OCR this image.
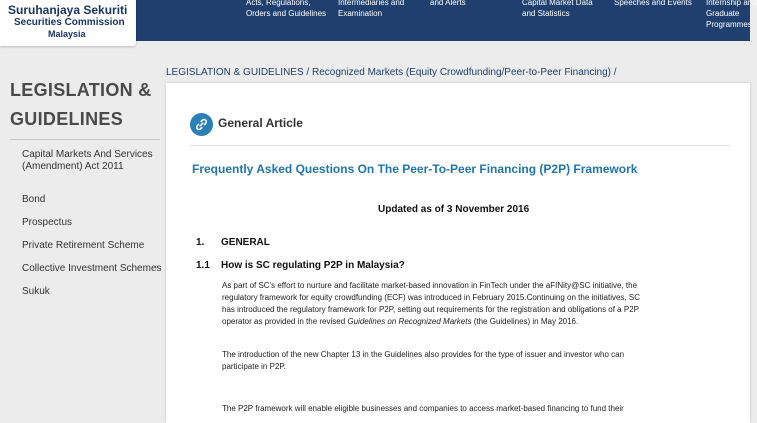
Acts, Regulations,
Orders and Guidelines
Intermediaries and
Examination
and Alerts	Capital Market Data
and Statistics
Speeches and Events Internship and
Graduate
Programmes
Suruhanjaya Sekuriti
Securities Commission
Malaysia
LEGISLATION &
GUIDELINES
Capital Markets And Services
(Amendment) Act 2011
Bond
Prospectus
Private Retirement Scheme
Collective Investment Schemes
Sukuk
LEGISLATION & GUIDELINES / Recognized Markets (Equity Crowdfunding/Peer-to-Peer Financing) /
General Article
Frequently Asked Questions On The Peer-To-Peer Financing (P2P) Framework
Updated as of 3 November 2016
1. GENERAL
1.1 How is SC regulating P2P in Malaysia?
As part of SC's effort to nurture and facilitate market-based innovation in FinTech under the aFINity@SC initiative, the
regulatory framework for equity crowdfunding (ECF) was introduced in February 2015.Continuing on the initiatives, SC
has introduced the regulatory framework for P2P, setting out requirements for the registration and obligations of a P2P
operator as provided in the revised Guidelines on Recognized Markets (the Guidelines) in May 2016.
The introduction of the new Chapter 13 in the Guidelines also provides for the type of issuer and investor who can
participate in P2P.
The P2P framework will enable eligible businesses and companies to access market-based financing to fund their
